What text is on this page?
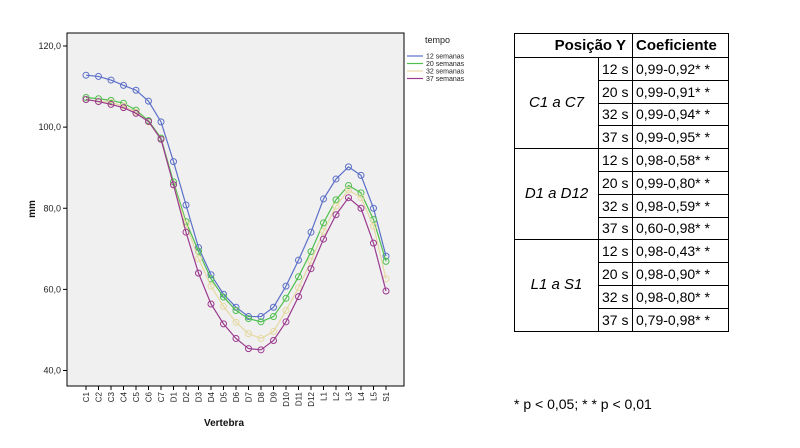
40,0
60,0
80,0
100,0
120,0
C1 C2 C3 C4 C5 C6 C7 D1 D2 D3 D4 D5 D6 D7 D8 D9 D10 D11 D12 L1 L2 L3 L4 L5 S1
mm
Vertebra
tempo
12 semanas
20 semanas
32 semanas
37 semanas
Posição Y		Coeficiente
C1 a C7	12 s	0,99-0,92* *
	20 s	0,99-0,91* *
	32 s	0,99-0,94* *
	37 s	0,99-0,95* *
D1 a D12	12 s	0,98-0,58* *
	20 s	0,99-0,80* *
	32 s	0,98-0,59* *
	37 s	0,60-0,98* *
L1 a S1	12 s	0,98-0,43* *
	20 s	0,98-0,90* *
	32 s	0,98-0,80* *
	37 s	0,79-0,98* *
* p < 0,05; * * p < 0,01
